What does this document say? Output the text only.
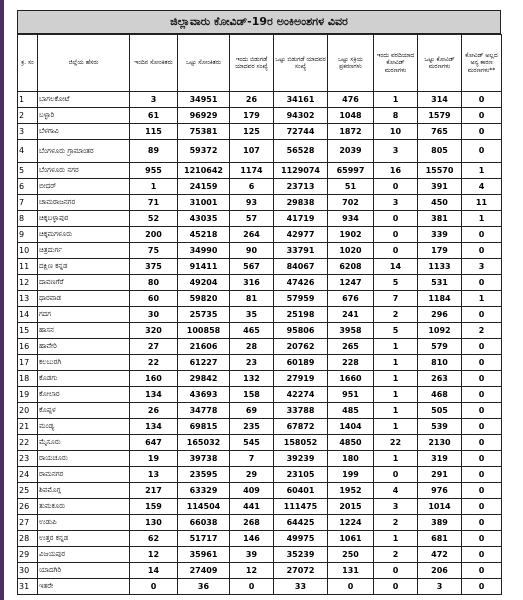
ಜಿಲ್ಲಾವಾರು ಕೋವಿಡ್-19ರ ಅಂಕಿಅಂಶಗಳ ವಿವರ
ಕ್ರ. ಸಂ	ಜಿಲ್ಲೆಯ ಹೆಸರು	ಇಂದಿನ ಸೋಂಕಿತರು	ಒಟ್ಟು ಸೋಂಕಿತರು	ಇಂದು ಬಿಡುಗಡೆ ಯಾದವರ ಸಂಖ್ಯೆ	ಒಟ್ಟು ಬಿಡುಗಡೆ ಯಾದವರ ಸಂಖ್ಯೆ	ಒಟ್ಟು ಸಕ್ರಿಯ ಪ್ರಕರಣಗಳು	ಇಂದು ವರದಿಯಾದ ಕೋವಿಡ್ ಮರಣಗಳು	ಒಟ್ಟು ಕೋವಿಡ್ ಮರಣಗಳು	ಕೋವಿಡ್ ಅಲ್ಲದ ಅನ್ಯ ಕಾರಣ ಮರಣಗಳು**
1	ಬಾಗಲಕೋಟೆ	3	34951	26	34161	476	1	314	0
2	ಬಳ್ಳಾರಿ	61	96929	179	94302	1048	8	1579	0
3	ಬೆಳಗಾವಿ	115	75381	125	72744	1872	10	765	0
4	ಬೆಂಗಳೂರು ಗ್ರಾಮಾಂತರ	89	59372	107	56528	2039	3	805	0
5	ಬೆಂಗಳೂರು ನಗರ	955	1210642	1174	1129074	65997	16	15570	1
6	ಬೀದರ್	1	24159	6	23713	51	0	391	4
7	ಚಾಮರಾಜನಗರ	71	31001	93	29838	702	3	450	11
8	ಚಿಕ್ಕಬಳ್ಳಾಪುರ	52	43035	57	41719	934	0	381	1
9	ಚಿಕ್ಕಮಗಳೂರು	200	45218	264	42977	1902	0	339	0
10	ಚಿತ್ರದುರ್ಗ	75	34990	90	33791	1020	0	179	0
11	ದಕ್ಷಿಣ ಕನ್ನಡ	375	91411	567	84067	6208	14	1133	3
12	ದಾವಣಗೆರೆ	80	49204	316	47426	1247	5	531	0
13	ಧಾರವಾಡ	60	59820	81	57959	676	7	1184	1
14	ಗದಗ	30	25735	35	25198	241	2	296	0
15	ಹಾಸನ	320	100858	465	95806	3958	5	1092	2
16	ಹಾವೇರಿ	27	21606	28	20762	265	1	579	0
17	ಕಲಬುರಗಿ	22	61227	23	60189	228	1	810	0
18	ಕೊಡಗು	160	29842	132	27919	1660	1	263	0
19	ಕೋಲಾರ	134	43693	158	42274	951	1	468	0
20	ಕೊಪ್ಪಳ	26	34778	69	33788	485	1	505	0
21	ಮಂಡ್ಯ	134	69815	235	67872	1404	1	539	0
22	ಮೈಸೂರು	647	165032	545	158052	4850	22	2130	0
23	ರಾಯಚೂರು	19	39738	7	39239	180	1	319	0
24	ರಾಮನಗರ	13	23595	29	23105	199	0	291	0
25	ಶಿವಮೊಗ್ಗ	217	63329	409	60401	1952	4	976	0
26	ತುಮಕೂರು	159	114504	441	111475	2015	3	1014	0
27	ಉಡುಪಿ	130	66038	268	64425	1224	2	389	0
28	ಉತ್ತರ ಕನ್ನಡ	62	51717	146	49975	1061	1	681	0
29	ವಿಜಯಪುರ	12	35961	39	35239	250	2	472	0
30	ಯಾದಗಿರಿ	14	27409	12	27072	131	0	206	0
31	ಇತರೇ	0	36	0	33	0	0	3	0
